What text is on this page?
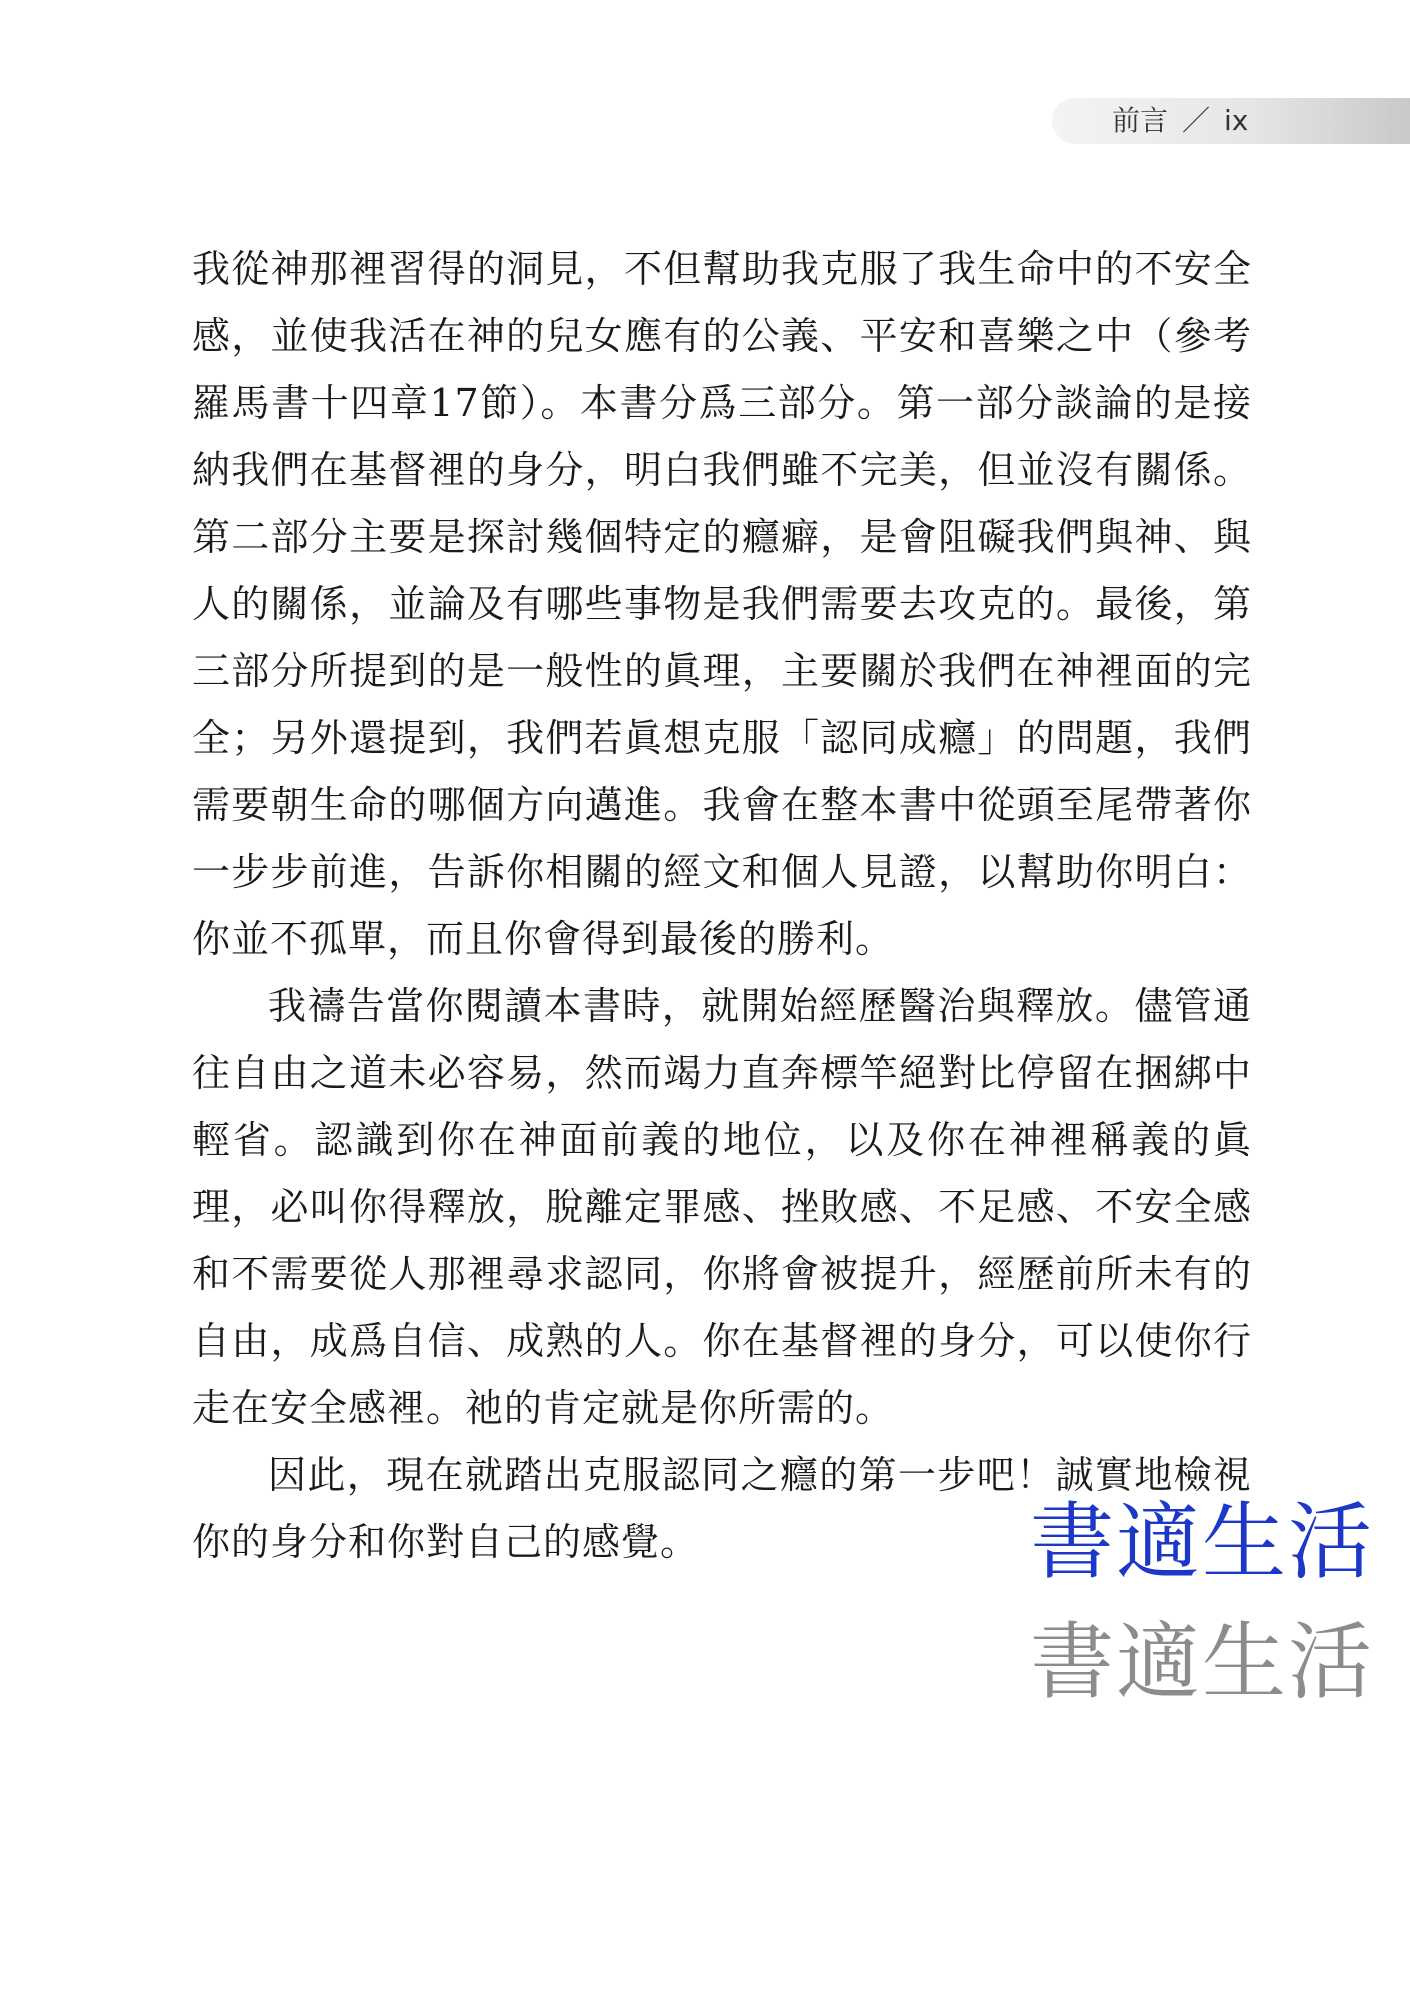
前言 ／ ix

我從神那裡習得的洞見，不但幫助我克服了我生命中的不安全感，並使我活在神的兒女應有的公義、平安和喜樂之中（參考羅馬書十四章17節）。本書分爲三部分。第一部分談論的是接納我們在基督裡的身分，明白我們雖不完美，但並沒有關係。第二部分主要是探討幾個特定的癮癖，是會阻礙我們與神、與人的關係，並論及有哪些事物是我們需要去攻克的。最後，第三部分所提到的是一般性的眞理，主要關於我們在神裡面的完全；另外還提到，我們若眞想克服「認同成癮」的問題，我們需要朝生命的哪個方向邁進。我會在整本書中從頭至尾帶著你一步步前進，告訴你相關的經文和個人見證，以幫助你明白：你並不孤單，而且你會得到最後的勝利。

我禱告當你閱讀本書時，就開始經歷醫治與釋放。儘管通往自由之道未必容易，然而竭力直奔標竿絕對比停留在捆綁中輕省。認識到你在神面前義的地位，以及你在神裡稱義的眞理，必叫你得釋放，脫離定罪感、挫敗感、不足感、不安全感和不需要從人那裡尋求認同，你將會被提升，經歷前所未有的自由，成爲自信、成熟的人。你在基督裡的身分，可以使你行走在安全感裡。祂的肯定就是你所需的。

因此，現在就踏出克服認同之癮的第一步吧！誠實地檢視你的身分和你對自己的感覺。	書適生活
書適生活
